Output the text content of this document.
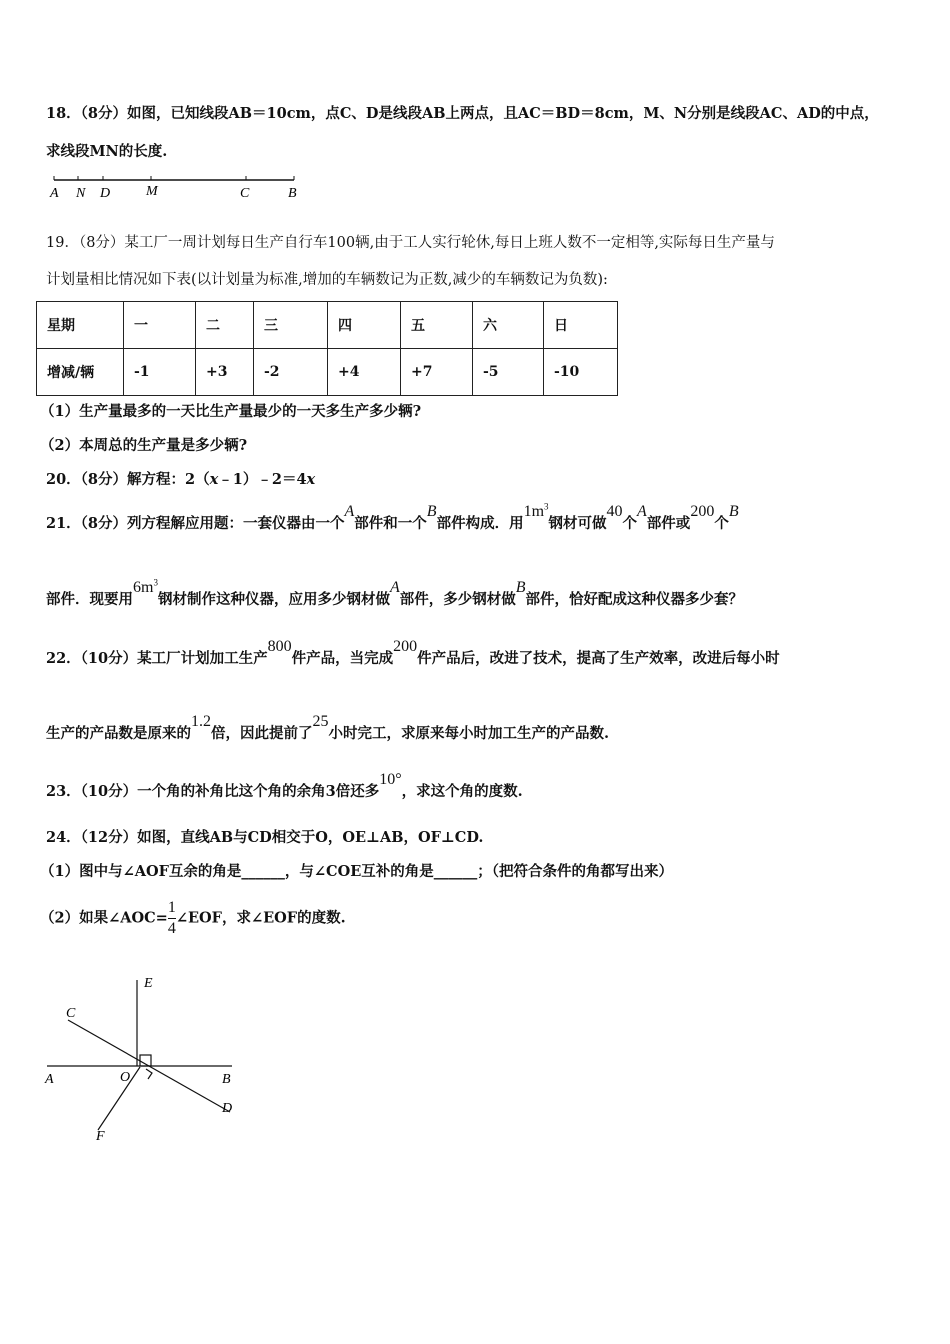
18．（8分）如图，已知线段AB＝10cm，点C、D是线段AB上两点，且AC＝BD＝8cm，M、N分别是线段AC、AD的中点，
求线段MN的长度.
A N D	M	C	B
19．（8分）某工厂一周计划每日生产自行车100辆,由于工人实行轮休,每日上班人数不一定相等,实际每日生产量与
计划量相比情况如下表(以计划量为标准,增加的车辆数记为正数,减少的车辆数记为负数):
星期	一	二	三	四	五	六	日
增减/辆	-1	+3	-2	+4	+7	-5	-10
（1）生产量最多的一天比生产量最少的一天多生产多少辆?
（2）本周总的生产量是多少辆?
20．（8分）解方程：2（x﹣1）﹣2＝4x
21．（8分）列方程解应用题：一套仪器由一个A部件和一个B部件构成．用$1m^3$钢材可做40个A部件或200个B
部件．现要用$6m^3$钢材制作这种仪器，应用多少钢材做A部件，多少钢材做B部件，恰好配成这种仪器多少套？
22．（10分）某工厂计划加工生产800件产品，当完成200件产品后，改进了技术，提高了生产效率，改进后每小时
生产的产品数是原来的1.2倍，因此提前了25小时完工，求原来每小时加工生产的产品数.
23．（10分）一个角的补角比这个角的余角3倍还多10°，求这个角的度数.
24．（12分）如图，直线AB与CD相交于O，OE⊥AB，OF⊥CD.
（1）图中与∠AOF互余的角是______，与∠COE互补的角是______；（把符合条件的角都写出来）
（2）如果∠AOC= $\frac{1}{4}$ ∠EOF，求∠EOF的度数.
E
C
A	O	B
D
F
